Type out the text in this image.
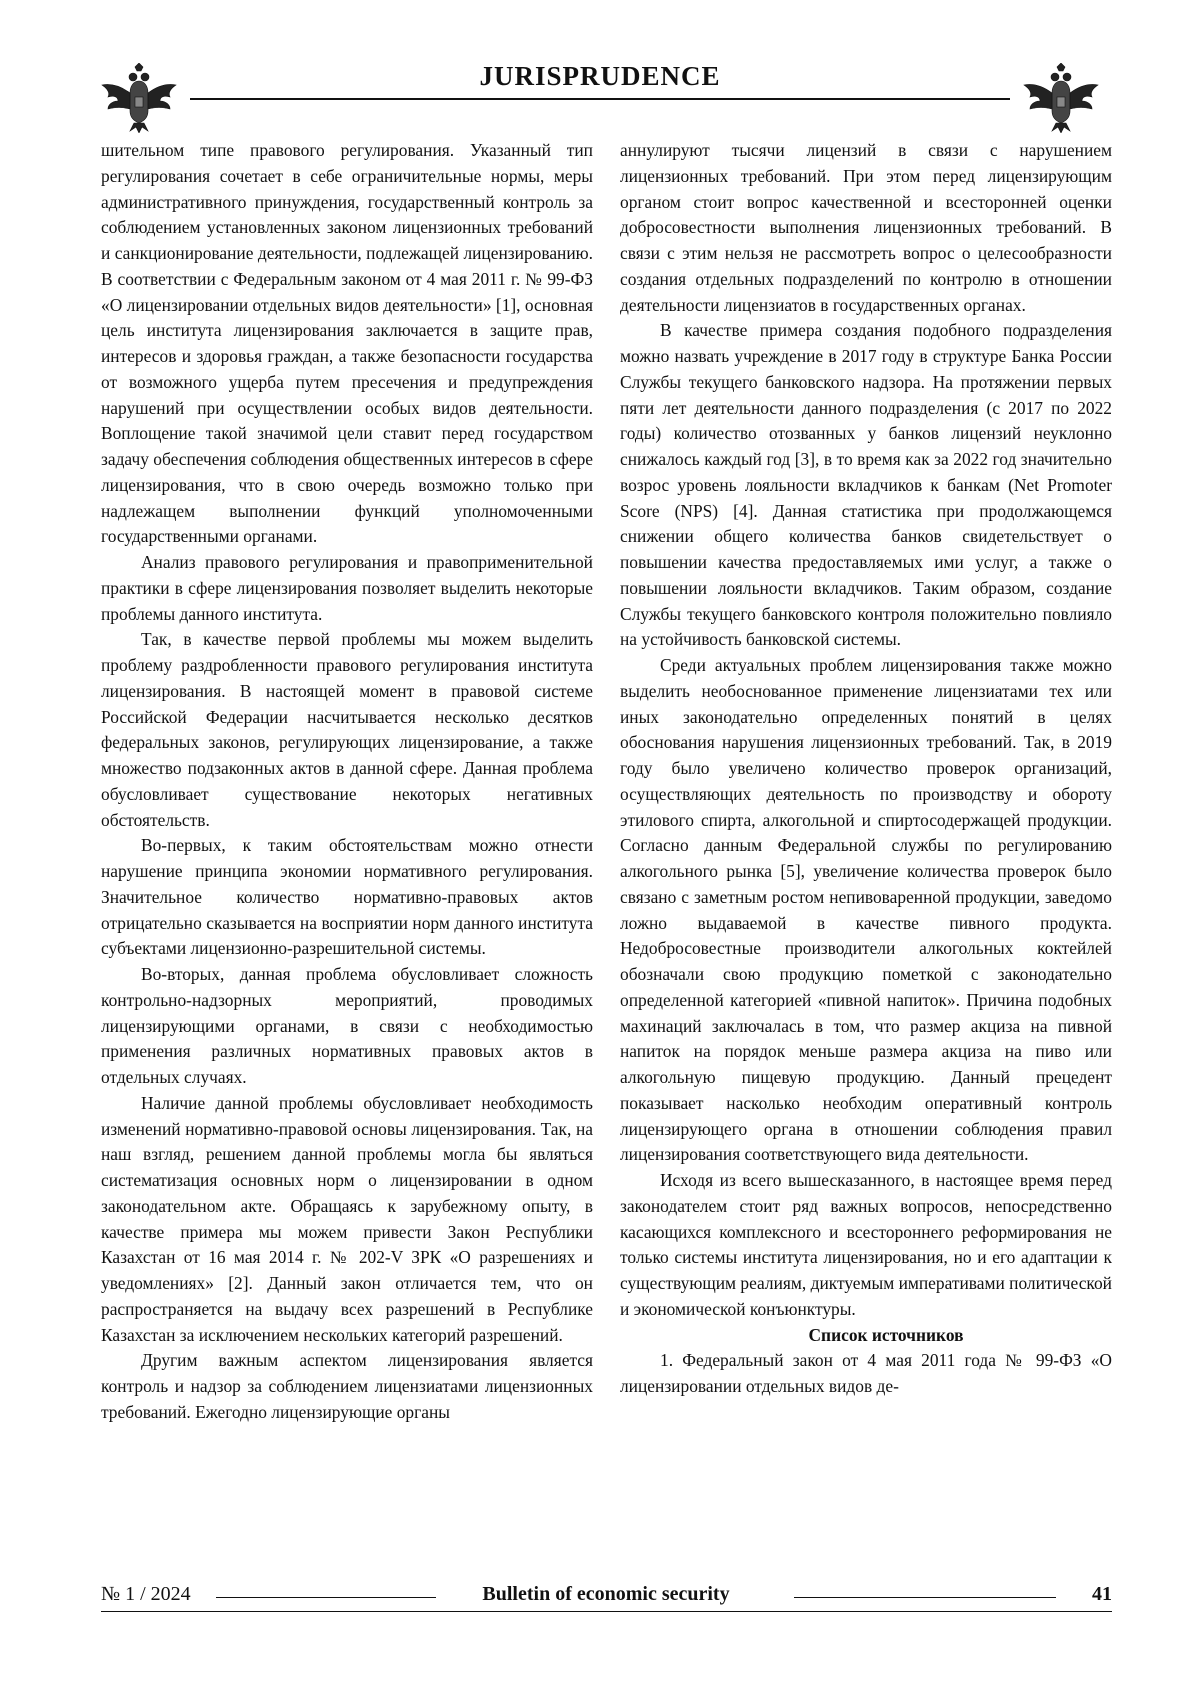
JURISPRUDENCE

шительном типе правового регулирования. Указанный тип регулирования сочетает в себе ограничительные нормы, меры административного принуждения, государственный контроль за соблюдением установленных законом лицензионных требований и санкционирование деятельности, подлежащей лицензированию. В соответствии с Федеральным законом от 4 мая 2011 г. № 99-ФЗ «О лицензировании отдельных видов деятельности» [1], основная цель института лицензирования заключается в защите прав, интересов и здоровья граждан, а также безопасности государства от возможного ущерба путем пресечения и предупреждения нарушений при осуществлении особых видов деятельности. Воплощение такой значимой цели ставит перед государством задачу обеспечения соблюдения общественных интересов в сфере лицензирования, что в свою очередь возможно только при надлежащем выполнении функций уполномоченными государственными органами.

Анализ правового регулирования и правоприменительной практики в сфере лицензирования позволяет выделить некоторые проблемы данного института.

Так, в качестве первой проблемы мы можем выделить проблему раздробленности правового регулирования института лицензирования. В настоящей момент в правовой системе Российской Федерации насчитывается несколько десятков федеральных законов, регулирующих лицензирование, а также множество подзаконных актов в данной сфере. Данная проблема обусловливает существование некоторых негативных обстоятельств.

Во-первых, к таким обстоятельствам можно отнести нарушение принципа экономии нормативного регулирования. Значительное количество нормативно-правовых актов отрицательно сказывается на восприятии норм данного института субъектами лицензионно-разрешительной системы.

Во-вторых, данная проблема обусловливает сложность контрольно-надзорных мероприятий, проводимых лицензирующими органами, в связи с необходимостью применения различных нормативных правовых актов в отдельных случаях.

Наличие данной проблемы обусловливает необходимость изменений нормативно-правовой основы лицензирования. Так, на наш взгляд, решением данной проблемы могла бы являться систематизация основных норм о лицензировании в одном законодательном акте. Обращаясь к зарубежному опыту, в качестве примера мы можем привести Закон Республики Казахстан от 16 мая 2014 г. № 202-V ЗРК «О разрешениях и уведомлениях» [2]. Данный закон отличается тем, что он распространяется на выдачу всех разрешений в Республике Казахстан за исключением нескольких категорий разрешений.

Другим важным аспектом лицензирования является контроль и надзор за соблюдением лицензиатами лицензионных требований. Ежегодно лицензирующие органы

аннулируют тысячи лицензий в связи с нарушением лицензионных требований. При этом перед лицензирующим органом стоит вопрос качественной и всесторонней оценки добросовестности выполнения лицензионных требований. В связи с этим нельзя не рассмотреть вопрос о целесообразности создания отдельных подразделений по контролю в отношении деятельности лицензиатов в государственных органах.

В качестве примера создания подобного подразделения можно назвать учреждение в 2017 году в структуре Банка России Службы текущего банковского надзора. На протяжении первых пяти лет деятельности данного подразделения (с 2017 по 2022 годы) количество отозванных у банков лицензий неуклонно снижалось каждый год [3], в то время как за 2022 год значительно возрос уровень лояльности вкладчиков к банкам (Net Promoter Score (NPS) [4]. Данная статистика при продолжающемся снижении общего количества банков свидетельствует о повышении качества предоставляемых ими услуг, а также о повышении лояльности вкладчиков. Таким образом, создание Службы текущего банковского контроля положительно повлияло на устойчивость банковской системы.

Среди актуальных проблем лицензирования также можно выделить необоснованное применение лицензиатами тех или иных законодательно определенных понятий в целях обоснования нарушения лицензионных требований. Так, в 2019 году было увеличено количество проверок организаций, осуществляющих деятельность по производству и обороту этилового спирта, алкогольной и спиртосодержащей продукции. Согласно данным Федеральной службы по регулированию алкогольного рынка [5], увеличение количества проверок было связано с заметным ростом непивоваренной продукции, заведомо ложно выдаваемой в качестве пивного продукта. Недобросовестные производители алкогольных коктейлей обозначали свою продукцию пометкой с законодательно определенной категорией «пивной напиток». Причина подобных махинаций заключалась в том, что размер акциза на пивной напиток на порядок меньше размера акциза на пиво или алкогольную пищевую продукцию. Данный прецедент показывает насколько необходим оперативный контроль лицензирующего органа в отношении соблюдения правил лицензирования соответствующего вида деятельности.

Исходя из всего вышесказанного, в настоящее время перед законодателем стоит ряд важных вопросов, непосредственно касающихся комплексного и всестороннего реформирования не только системы института лицензирования, но и его адаптации к существующим реалиям, диктуемым императивами политической и экономической конъюнктуры.

Список источников

1. Федеральный закон от 4 мая 2011 года № 99-ФЗ «О лицензировании отдельных видов де-

№ 1 / 2024	Bulletin of economic security	41
